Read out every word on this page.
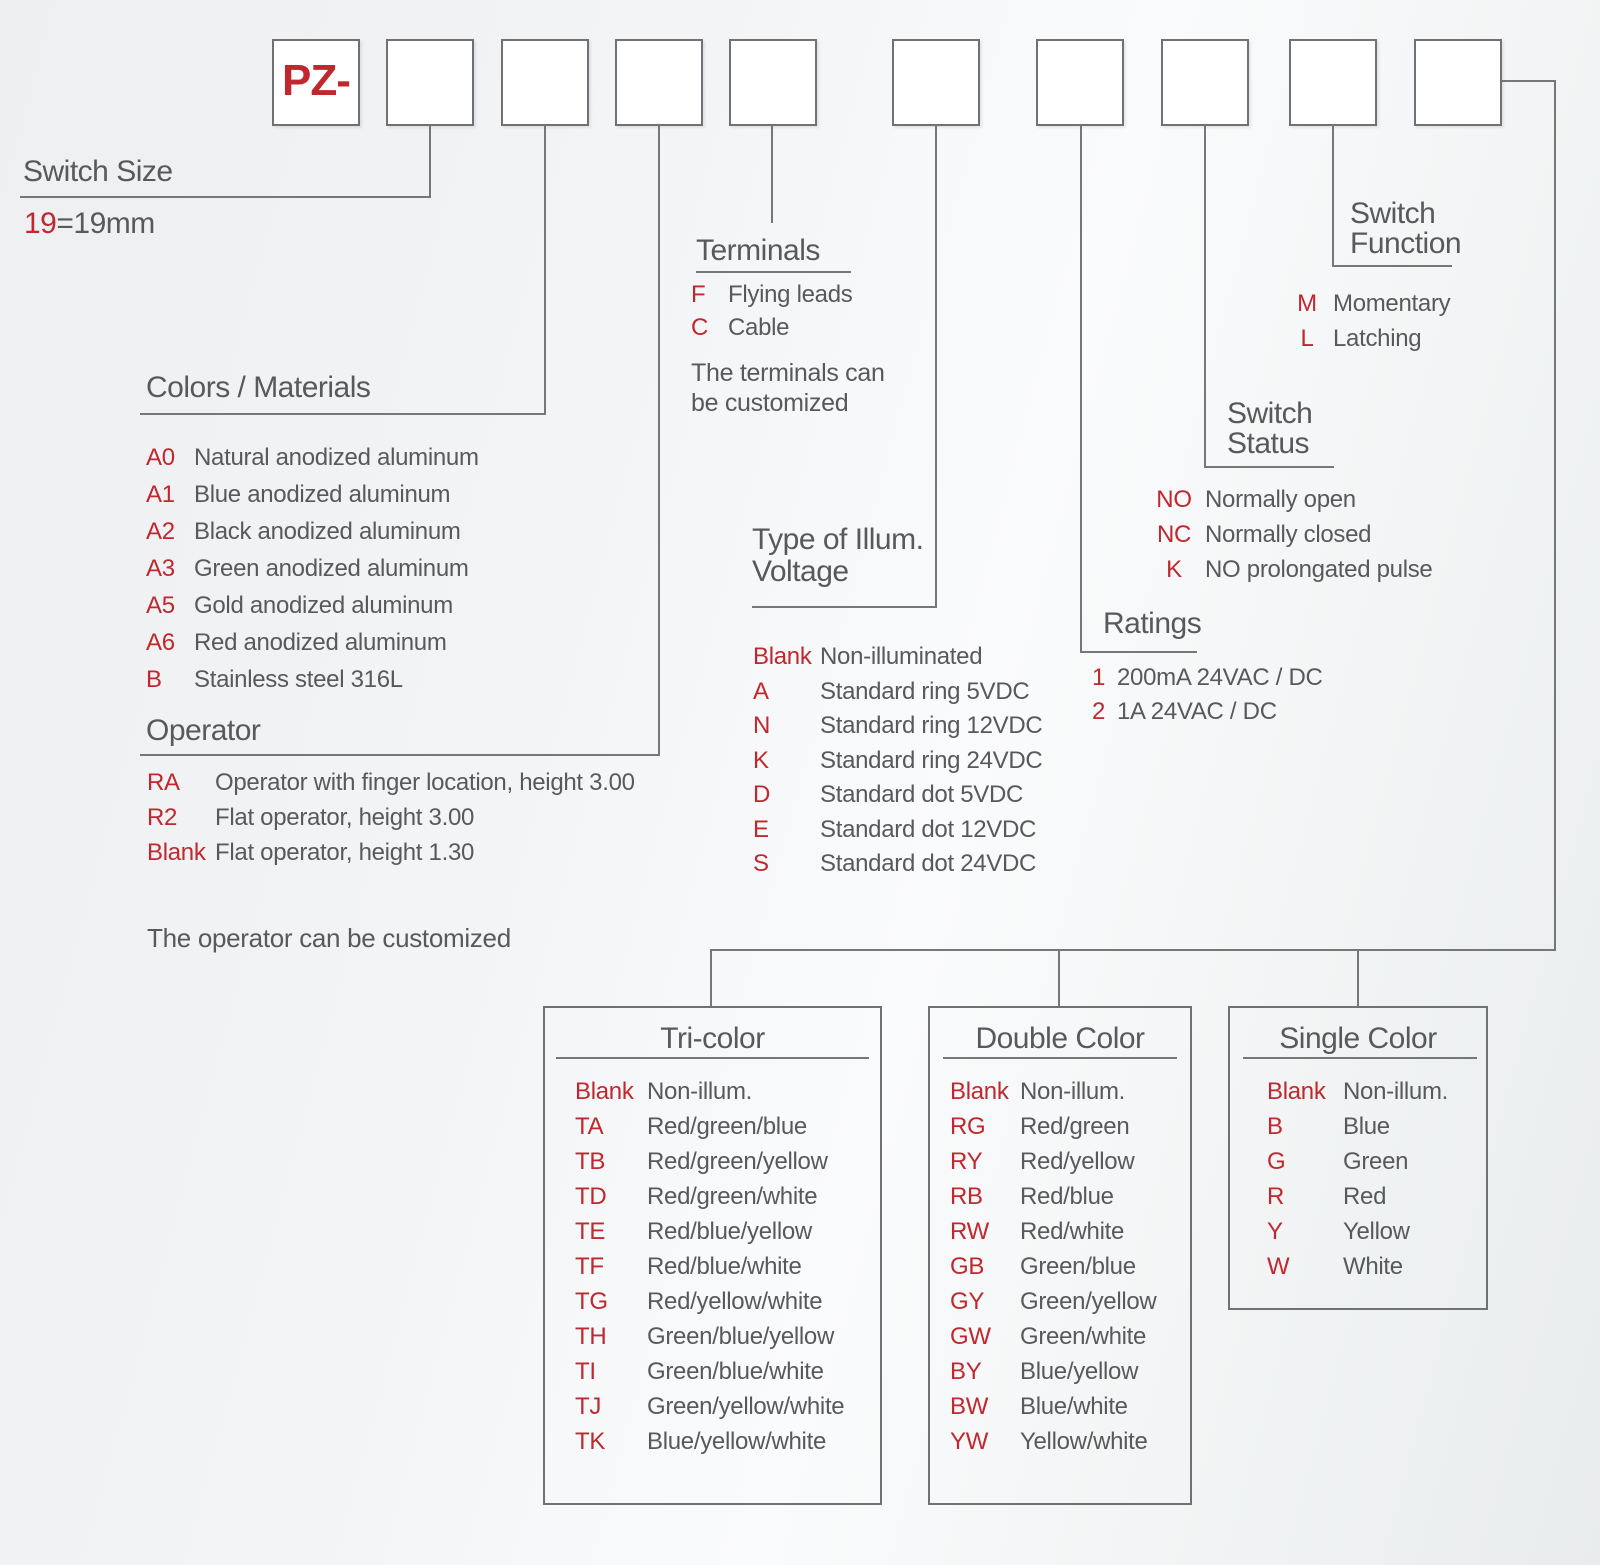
PZ-
Switch Size
19=19mm
Colors / Materials
A0 Natural anodized aluminum
A1 Blue anodized aluminum
A2 Black anodized aluminum
A3 Green anodized aluminum
A5 Gold anodized aluminum
A6 Red anodized aluminum
B	Stainless steel 316L
Operator
RA	Operator with finger location, height 3.00
R2	Flat operator, height 3.00
Blank Flat operator, height 1.30
The operator can be customized
Terminals
F Flying leads
C Cable
The terminals can
be customized
Type of Illum.
Voltage
Blank Non-illuminated
A	Standard ring 5VDC
N	Standard ring 12VDC
K	Standard ring 24VDC
D	Standard dot 5VDC
E	Standard dot 12VDC
S	Standard dot 24VDC
Ratings
1 200mA 24VAC / DC
2 1A 24VAC / DC
Switch
Status
NO Normally open
NC Normally closed
K NO prolongated pulse
Switch
Function
M Momentary
L Latching
Tri-color
Blank Non-illum.
TA	Red/green/blue
TB	Red/green/yellow
TD	Red/green/white
TE	Red/blue/yellow
TF	Red/blue/white
TG	Red/yellow/white
TH	Green/blue/yellow
TI	Green/blue/white
TJ	Green/yellow/white
TK	Blue/yellow/white
Double Color
Blank Non-illum.
RG	Red/green
RY	Red/yellow
RB	Red/blue
RW	Red/white
GB	Green/blue
GY	Green/yellow
GW	Green/white
BY	Blue/yellow
BW	Blue/white
YW	Yellow/white
Single Color
Blank Non-illum.
B	Blue
G	Green
R	Red
Y	Yellow
W	White
